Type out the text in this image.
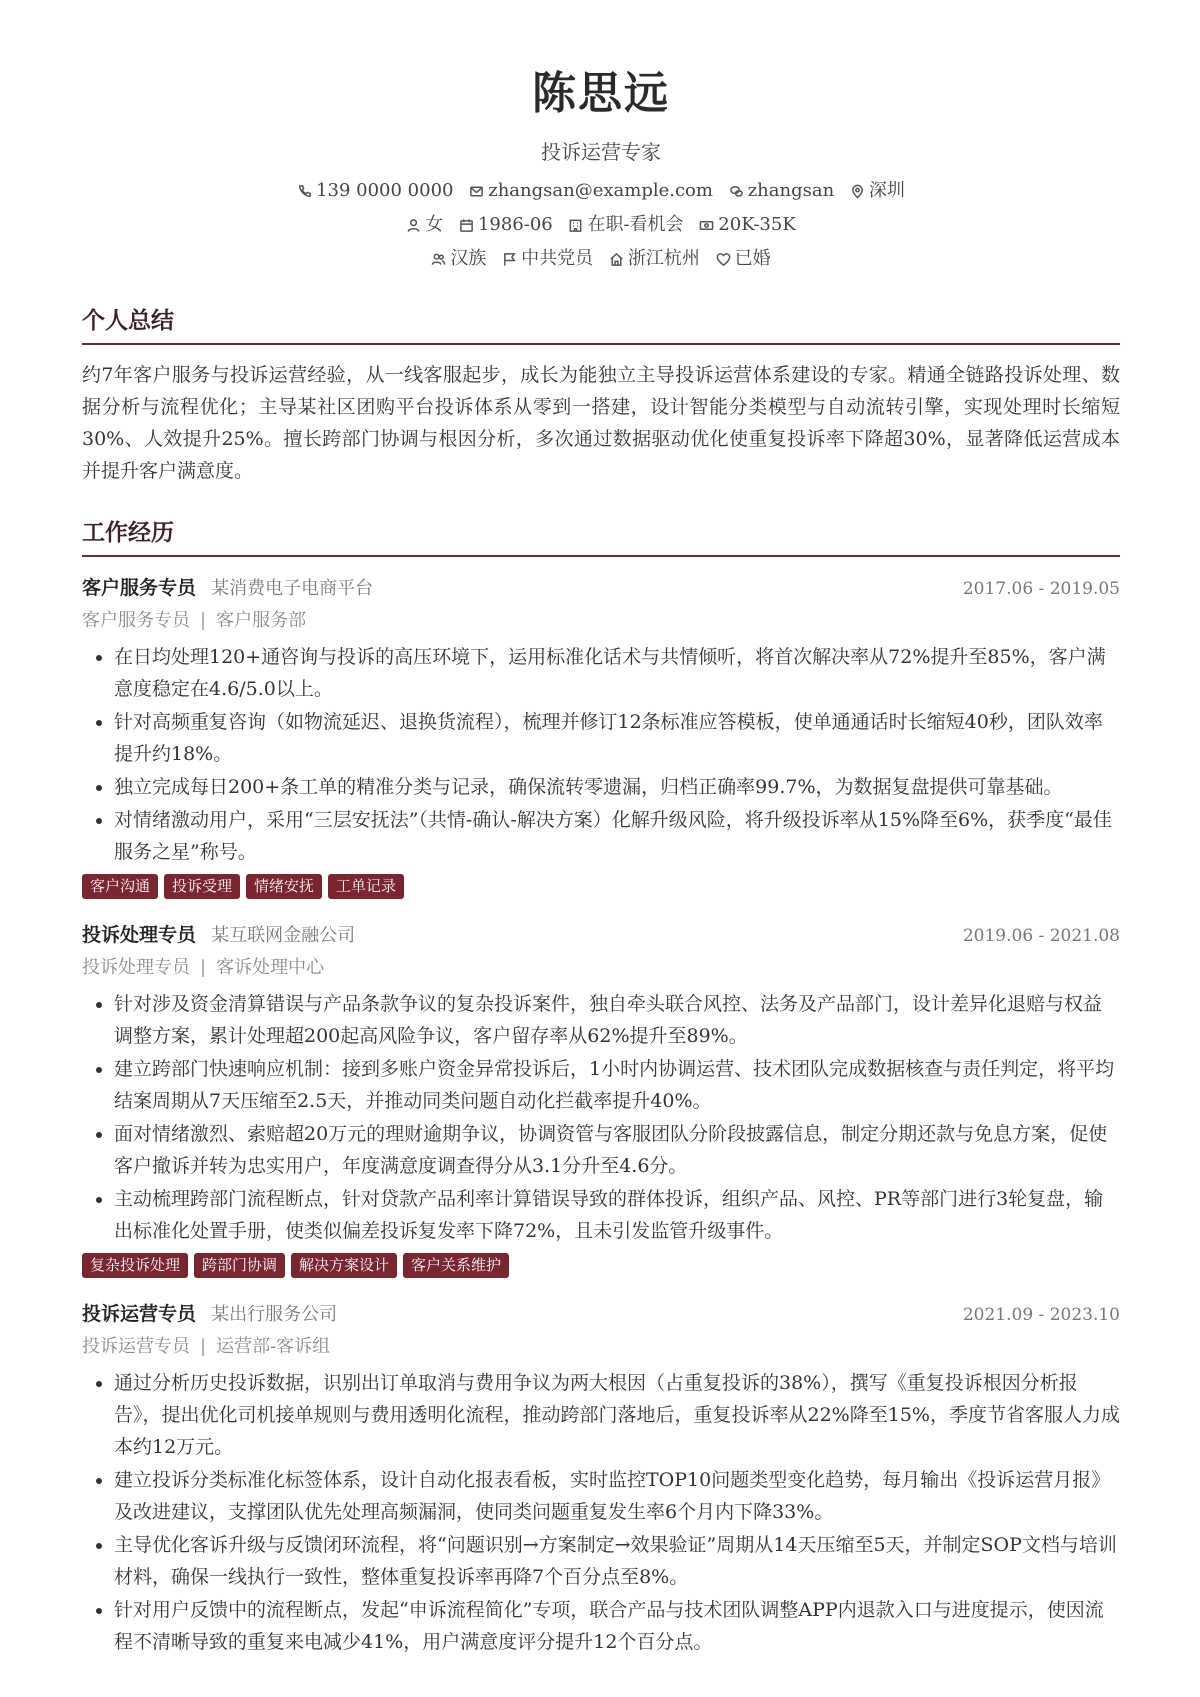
陈思远
投诉运营专家
139 0000 0000
zhangsan@example.com
zhangsan
深圳
女
1986-06
在职-看机会
20K-35K
汉族
中共党员
浙江杭州
已婚
个人总结
约7年客户服务与投诉运营经验，从一线客服起步，成长为能独立主导投诉运营体系建设的专家。精通全链路投诉处理、数据分析与流程优化；主导某社区团购平台投诉体系从零到一搭建，设计智能分类模型与自动流转引擎，实现处理时长缩短30%、人效提升25%。擅长跨部门协调与根因分析，多次通过数据驱动优化使重复投诉率下降超30%，显著降低运营成本并提升客户满意度。
工作经历
客户服务专员 某消费电子电商平台	2017.06 - 2019.05
客户服务专员 | 客户服务部
• 在日均处理120+通咨询与投诉的高压环境下，运用标准化话术与共情倾听，将首次解决率从72%提升至85%，客户满意度稳定在4.6/5.0以上。
• 针对高频重复咨询（如物流延迟、退换货流程），梳理并修订12条标准应答模板，使单通通话时长缩短40秒，团队效率提升约18%。
• 独立完成每日200+条工单的精准分类与记录，确保流转零遗漏，归档正确率99.7%，为数据复盘提供可靠基础。
• 对情绪激动用户，采用“三层安抚法”（共情-确认-解决方案）化解升级风险，将升级投诉率从15%降至6%，获季度“最佳服务之星”称号。
客户沟通	投诉受理	情绪安抚	工单记录
投诉处理专员 某互联网金融公司	2019.06 - 2021.08
投诉处理专员 | 客诉处理中心
• 针对涉及资金清算错误与产品条款争议的复杂投诉案件，独自牵头联合风控、法务及产品部门，设计差异化退赔与权益调整方案，累计处理超200起高风险争议，客户留存率从62%提升至89%。
• 建立跨部门快速响应机制：接到多账户资金异常投诉后，1小时内协调运营、技术团队完成数据核查与责任判定，将平均结案周期从7天压缩至2.5天，并推动同类问题自动化拦截率提升40%。
• 面对情绪激烈、索赔超20万元的理财逾期争议，协调资管与客服团队分阶段披露信息，制定分期还款与免息方案，促使客户撤诉并转为忠实用户，年度满意度调查得分从3.1分升至4.6分。
• 主动梳理跨部门流程断点，针对贷款产品利率计算错误导致的群体投诉，组织产品、风控、PR等部门进行3轮复盘，输出标准化处置手册，使类似偏差投诉复发率下降72%，且未引发监管升级事件。
复杂投诉处理	跨部门协调	解决方案设计	客户关系维护
投诉运营专员 某出行服务公司	2021.09 - 2023.10
投诉运营专员 | 运营部-客诉组
• 通过分析历史投诉数据，识别出订单取消与费用争议为两大根因（占重复投诉的38%），撰写《重复投诉根因分析报告》，提出优化司机接单规则与费用透明化流程，推动跨部门落地后，重复投诉率从22%降至15%，季度节省客服人力成本约12万元。
• 建立投诉分类标准化标签体系，设计自动化报表看板，实时监控TOP10问题类型变化趋势，每月输出《投诉运营月报》及改进建议，支撑团队优先处理高频漏洞，使同类问题重复发生率6个月内下降33%。
• 主导优化客诉升级与反馈闭环流程，将“问题识别→方案制定→效果验证”周期从14天压缩至5天，并制定SOP文档与培训材料，确保一线执行一致性，整体重复投诉率再降7个百分点至8%。
• 针对用户反馈中的流程断点，发起“申诉流程简化”专项，联合产品与技术团队调整APP内退款入口与进度提示，使因流程不清晰导致的重复来电减少41%，用户满意度评分提升12个百分点。
